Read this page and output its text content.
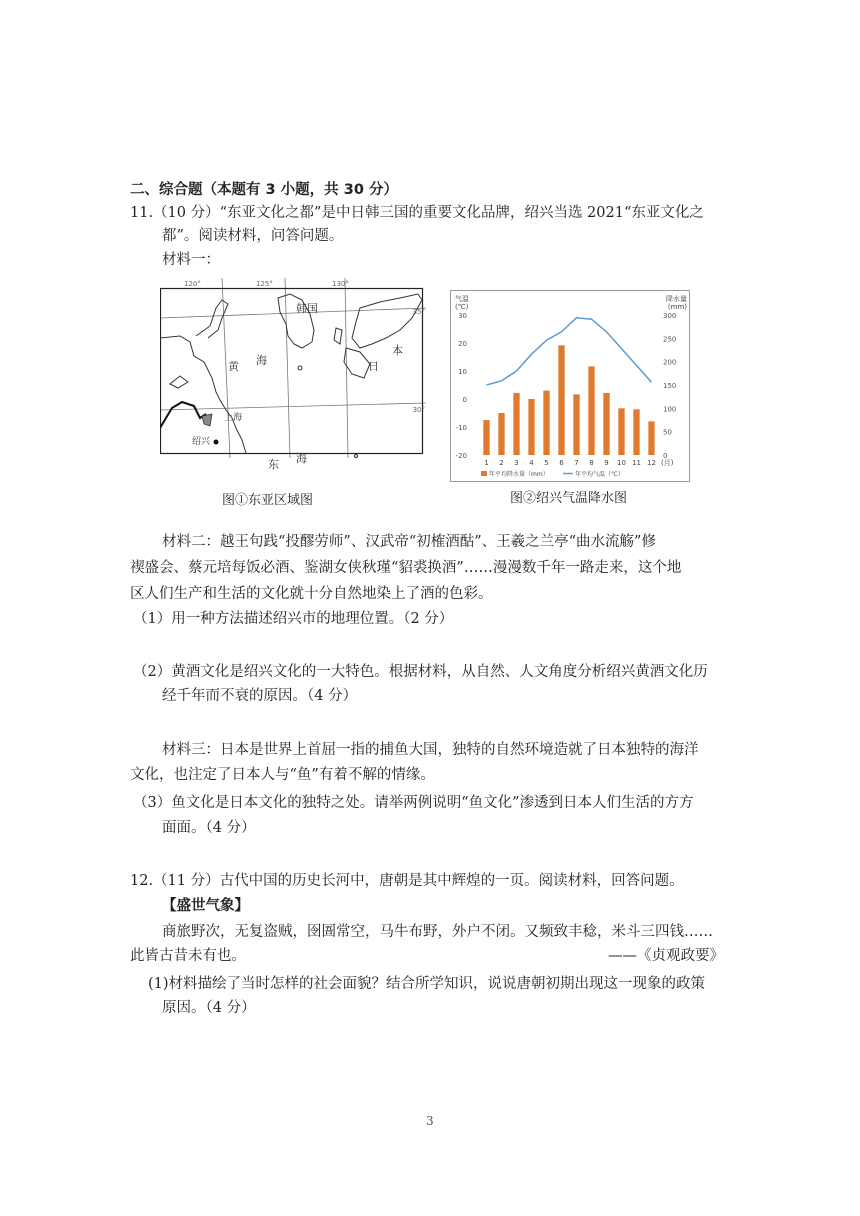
二、综合题（本题有 3 小题，共 30 分）
11.（10 分）“东亚文化之都”是中日韩三国的重要文化品牌，绍兴当选 2021“东亚文化之
都”。阅读材料，问答问题。
材料一：
120°	125°	130°
35°
30°
韩国
日
本
黄 海
东 海
上海
绍兴
图①东亚区域图
气温
(℃)
降水量
(mm)
30
20
10
0
-10
-20
300
250
200
150
100
50
0
1 2 3 4 5 6 7 8 9 10 11 12 (月)
年平均降水量（mm）	年平均气温（℃）
图②绍兴气温降水图
材料二：越王句践“投醪劳师”、汉武帝“初榷酒酤”、王羲之兰亭“曲水流觞”修
禊盛会、蔡元培每饭必酒、鉴湖女侠秋瑾“貂裘换酒”……漫漫数千年一路走来，这个地
区人们生产和生活的文化就十分自然地染上了酒的色彩。
（1）用一种方法描述绍兴市的地理位置。（2 分）
（2）黄酒文化是绍兴文化的一大特色。根据材料，从自然、人文角度分析绍兴黄酒文化历
经千年而不衰的原因。（4 分）
材料三：日本是世界上首屈一指的捕鱼大国，独特的自然环境造就了日本独特的海洋
文化，也注定了日本人与“鱼”有着不解的情缘。
（3）鱼文化是日本文化的独特之处。请举两例说明“鱼文化”渗透到日本人们生活的方方
面面。（4 分）
12.（11 分）古代中国的历史长河中，唐朝是其中辉煌的一页。阅读材料，回答问题。
【盛世气象】
商旅野次，无复盗贼，囹圄常空，马牛布野，外户不闭。又频致丰稔，米斗三四钱……
此皆古昔未有也。	——《贞观政要》
(1)材料描绘了当时怎样的社会面貌？结合所学知识，说说唐朝初期出现这一现象的政策
原因。（4 分）
3
